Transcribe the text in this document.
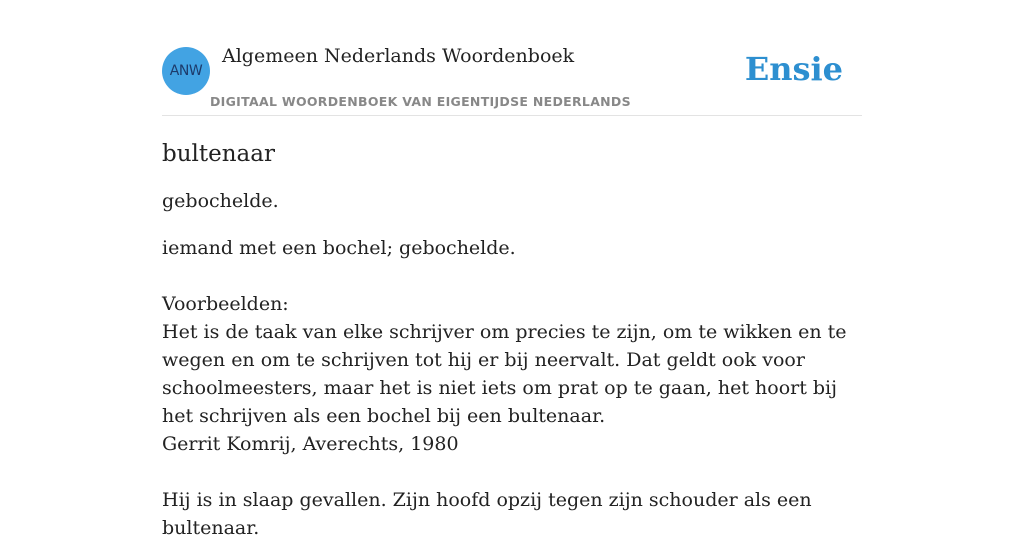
ANW
Algemeen Nederlands Woordenboek
DIGITAAL WOORDENBOEK VAN EIGENTIJDSE NEDERLANDS
Ensie
bultenaar

gebochelde.

iemand met een bochel; gebochelde.

Voorbeelden:

Het is de taak van elke schrijver om precies te zijn, om te wikken en te wegen en om te schrijven tot hij er bij neervalt. Dat geldt ook voor schoolmeesters, maar het is niet iets om prat op te gaan, het hoort bij het schrijven als een bochel bij een bultenaar.

Gerrit Komrij, Averechts, 1980

Hij is in slaap gevallen. Zijn hoofd opzij tegen zijn schouder als een bultenaar.
